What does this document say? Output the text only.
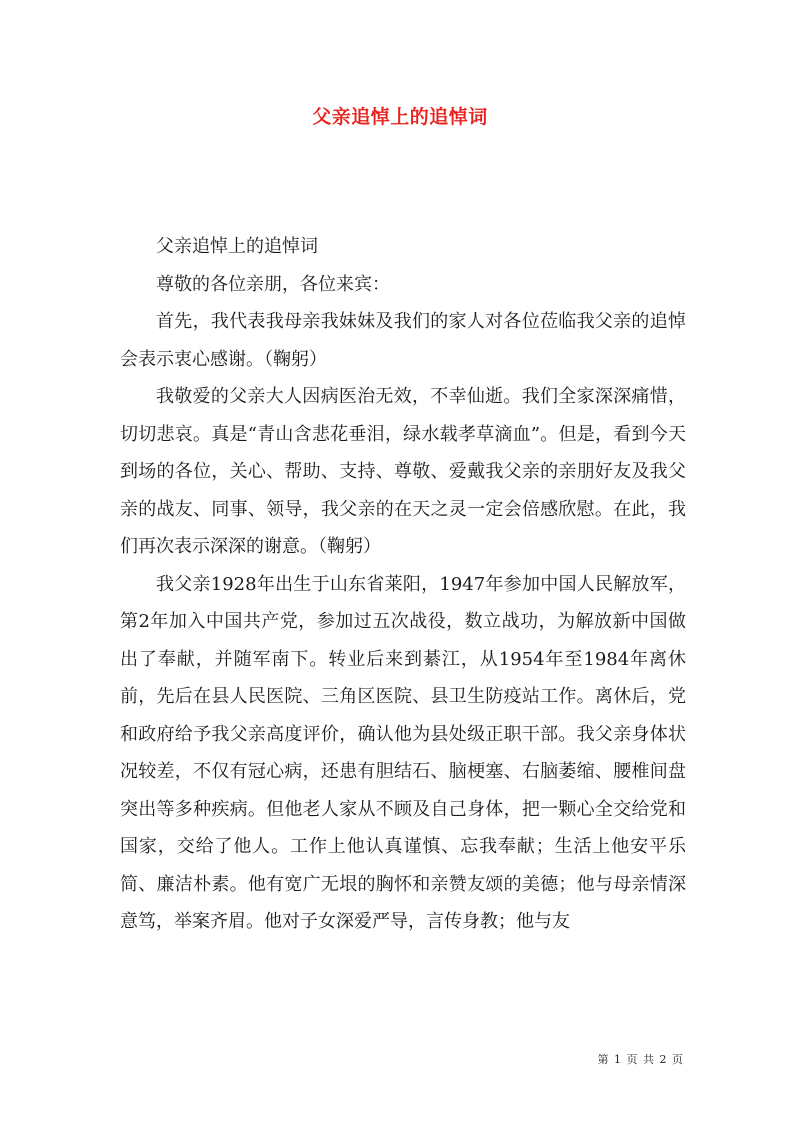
父亲追悼上的追悼词

父亲追悼上的追悼词

尊敬的各位亲朋，各位来宾：

首先，我代表我母亲我妹妹及我们的家人对各位莅临我父亲的追悼会表示衷心感谢。（鞠躬）

我敬爱的父亲大人因病医治无效，不幸仙逝。我们全家深深痛惜，切切悲哀。真是“青山含悲花垂泪，绿水载孝草滴血”。但是，看到今天到场的各位，关心、帮助、支持、尊敬、爱戴我父亲的亲朋好友及我父亲的战友、同事、领导，我父亲的在天之灵一定会倍感欣慰。在此，我们再次表示深深的谢意。（鞠躬）

我父亲1928年出生于山东省莱阳，1947年参加中国人民解放军，第2年加入中国共产党，参加过五次战役，数立战功，为解放新中国做出了奉献，并随军南下。转业后来到綦江，从1954年至1984年离休前，先后在县人民医院、三角区医院、县卫生防疫站工作。离休后，党和政府给予我父亲高度评价，确认他为县处级正职干部。我父亲身体状况较差，不仅有冠心病，还患有胆结石、脑梗塞、右脑萎缩、腰椎间盘突出等多种疾病。但他老人家从不顾及自己身体，把一颗心全交给党和国家，交给了他人。工作上他认真谨慎、忘我奉献；生活上他安平乐简、廉洁朴素。他有宽广无垠的胸怀和亲赞友颂的美德；他与母亲情深意笃，举案齐眉。他对子女深爱严导，言传身教；他与友

第 1 页 共 2 页
